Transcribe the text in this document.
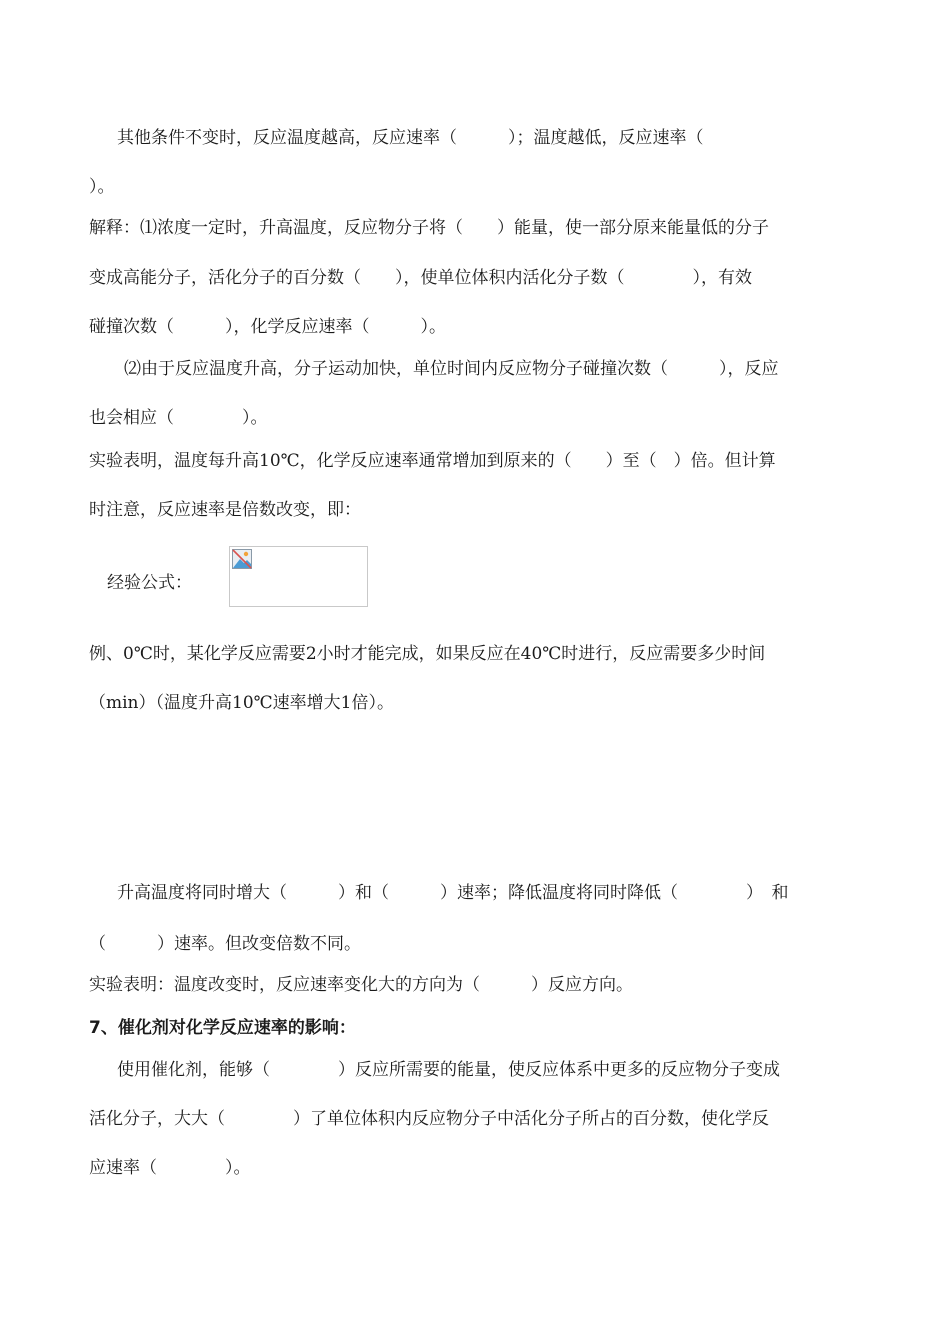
其他条件不变时，反应温度越高，反应速率（　　　）；温度越低，反应速率（
）。
解释：⑴浓度一定时，升高温度，反应物分子将（　　）能量，使一部分原来能量低的分子
变成高能分子，活化分子的百分数（　　），使单位体积内活化分子数（　　　　），有效
碰撞次数（　　　），化学反应速率（　　　）。
⑵由于反应温度升高，分子运动加快，单位时间内反应物分子碰撞次数（　　　），反应
也会相应（　　　　）。
实验表明，温度每升高10℃，化学反应速率通常增加到原来的（　　）至（　）倍。但计算
时注意，反应速率是倍数改变，即：
经验公式：
例、0℃时，某化学反应需要2小时才能完成，如果反应在40℃时进行，反应需要多少时间
（min）（温度升高10℃速率增大1倍）。
升高温度将同时增大（　　　）和（　　　）速率；降低温度将同时降低（　　　　）　和
（　　　）速率。但改变倍数不同。
实验表明：温度改变时，反应速率变化大的方向为（　　　）反应方向。
7、催化剂对化学反应速率的影响：
使用催化剂，能够（　　　　）反应所需要的能量，使反应体系中更多的反应物分子变成
活化分子，大大（　　　　）了单位体积内反应物分子中活化分子所占的百分数，使化学反
应速率（　　　　）。
